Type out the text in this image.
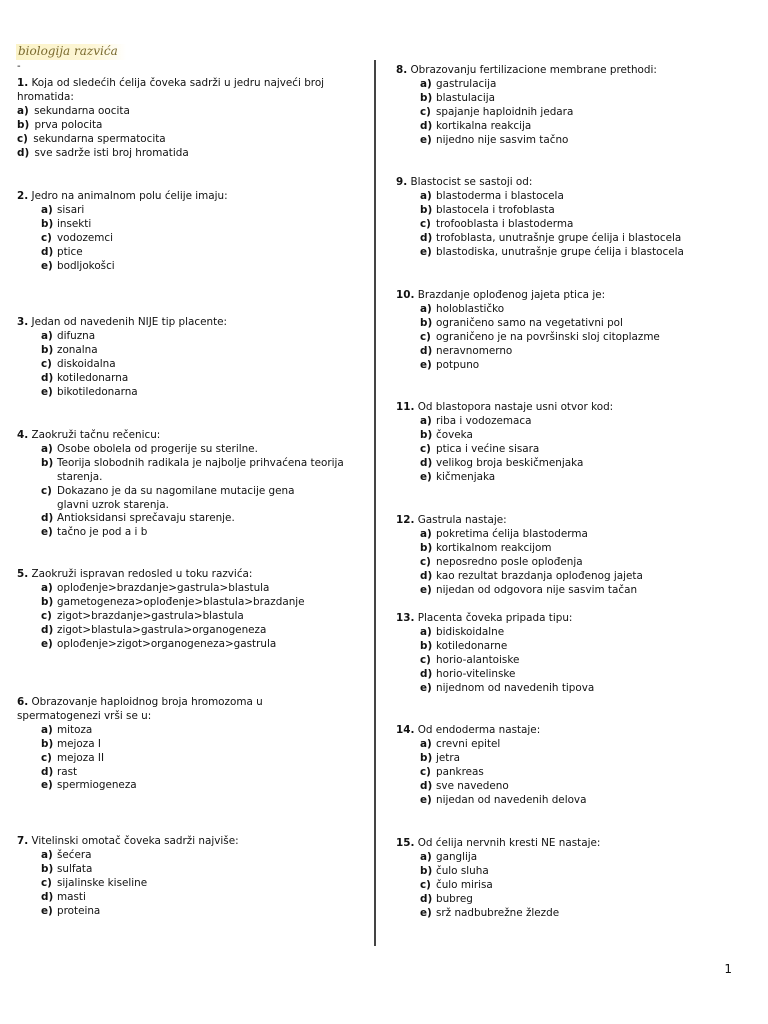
biologija razvića
-
1. Koja od sledećih ćelija čoveka sadrži u jedru najveći broj
hromatida:
a) sekundarna oocita
b) prva polocita
c) sekundarna spermatocita
d) sve sadrže isti broj hromatida
2. Jedro na animalnom polu ćelije imaju:
a) sisari
b) insekti
c) vodozemci
d) ptice
e) bodljokošci
3. Jedan od navedenih NIJE tip placente:
a) difuzna
b) zonalna
c) diskoidalna
d) kotiledonarna
e) bikotiledonarna
4. Zaokruži tačnu rečenicu:
a) Osobe obolela od progerije su sterilne.
b) Teorija slobodnih radikala je najbolje prihvaćena teorija
starenja.
c) Dokazano je da su nagomilane mutacije gena
glavni uzrok starenja.
d) Antioksidansi sprečavaju starenje.
e) tačno je pod a i b
5. Zaokruži ispravan redosled u toku razvića:
a) oplođenje>brazdanje>gastrula>blastula
b) gametogeneza>oplođenje>blastula>brazdanje
c) zigot>brazdanje>gastrula>blastula
d) zigot>blastula>gastrula>organogeneza
e) oplođenje>zigot>organogeneza>gastrula
6. Obrazovanje haploidnog broja hromozoma u
spermatogenezi vrši se u:
a) mitoza
b) mejoza I
c) mejoza II
d) rast
e) spermiogeneza
7. Vitelinski omotač čoveka sadrži najviše:
a) šećera
b) sulfata
c) sijalinske kiseline
d) masti
e) proteina
8. Obrazovanju fertilizacione membrane prethodi:
a) gastrulacija
b) blastulacija
c) spajanje haploidnih jedara
d) kortikalna reakcija
e) nijedno nije sasvim tačno
9. Blastocist se sastoji od:
a) blastoderma i blastocela
b) blastocela i trofoblasta
c) trofooblasta i blastoderma
d) trofoblasta, unutrašnje grupe ćelija i blastocela
e) blastodiska, unutrašnje grupe ćelija i blastocela
10. Brazdanje oplođenog jajeta ptica je:
a) holoblastičko
b) ograničeno samo na vegetativni pol
c) ograničeno je na površinski sloj citoplazme
d) neravnomerno
e) potpuno
11. Od blastopora nastaje usni otvor kod:
a) riba i vodozemaca
b) čoveka
c) ptica i većine sisara
d) velikog broja beskičmenjaka
e) kičmenjaka
12. Gastrula nastaje:
a) pokretima ćelija blastoderma
b) kortikalnom reakcijom
c) neposredno posle oplođenja
d) kao rezultat brazdanja oplođenog jajeta
e) nijedan od odgovora nije sasvim tačan
13. Placenta čoveka pripada tipu:
a) bidiskoidalne
b) kotiledonarne
c) horio-alantoiske
d) horio-vitelinske
e) nijednom od navedenih tipova
14. Od endoderma nastaje:
a) crevni epitel
b) jetra
c) pankreas
d) sve navedeno
e) nijedan od navedenih delova
15. Od ćelija nervnih kresti NE nastaje:
a) ganglija
b) čulo sluha
c) čulo mirisa
d) bubreg
e) srž nadbubrežne žlezde
1
